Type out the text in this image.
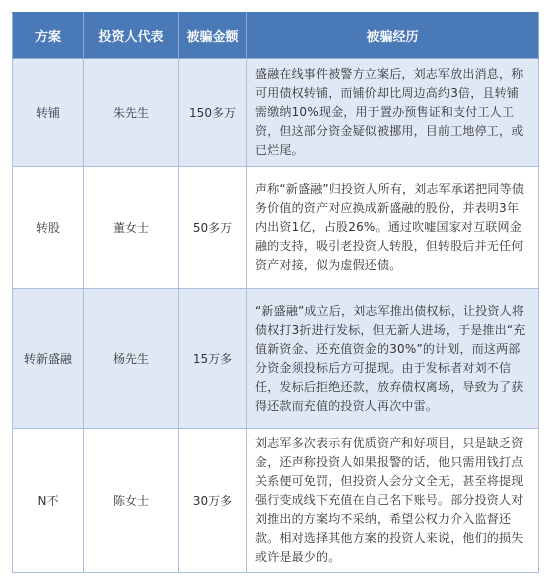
方案	投资人代表	被骗金额	被骗经历
转铺	朱先生	150多万	盛融在线事件被警方立案后，刘志军放出消息，称可用债权转铺，而铺价却比周边高约3倍，且转铺需缴纳10%现金，用于置办预售证和支付工人工资，但这部分资金疑似被挪用，目前工地停工，或已烂尾。
转股	董女士	50多万	声称“新盛融”归投资人所有，刘志军承诺把同等债务价值的资产对应换成新盛融的股份，并表明3年内出资1亿，占股26%。通过吹嘘国家对互联网金融的支持，吸引老投资人转股，但转股后并无任何资产对接，似为虚假还债。
转新盛融	杨先生	15万多	“新盛融”成立后，刘志军推出债权标，让投资人将债权打3折进行发标，但无新人进场，于是推出“充值新资金、还充值资金的30%”的计划，而这两部分资金须投标后方可提现。由于发标者对刘不信任，发标后拒绝还款，放弃债权离场，导致为了获得还款而充值的投资人再次中雷。
N不	陈女士	30万多	刘志军多次表示有优质资产和好项目，只是缺乏资金，还声称投资人如果报警的话，他只需用钱打点关系便可免罚，但投资人会分文全无，甚至将提现强行变成线下充值在自己名下账号。部分投资人对刘推出的方案均不采纳，希望公权力介入监督还款。相对选择其他方案的投资人来说，他们的损失或许是最少的。
